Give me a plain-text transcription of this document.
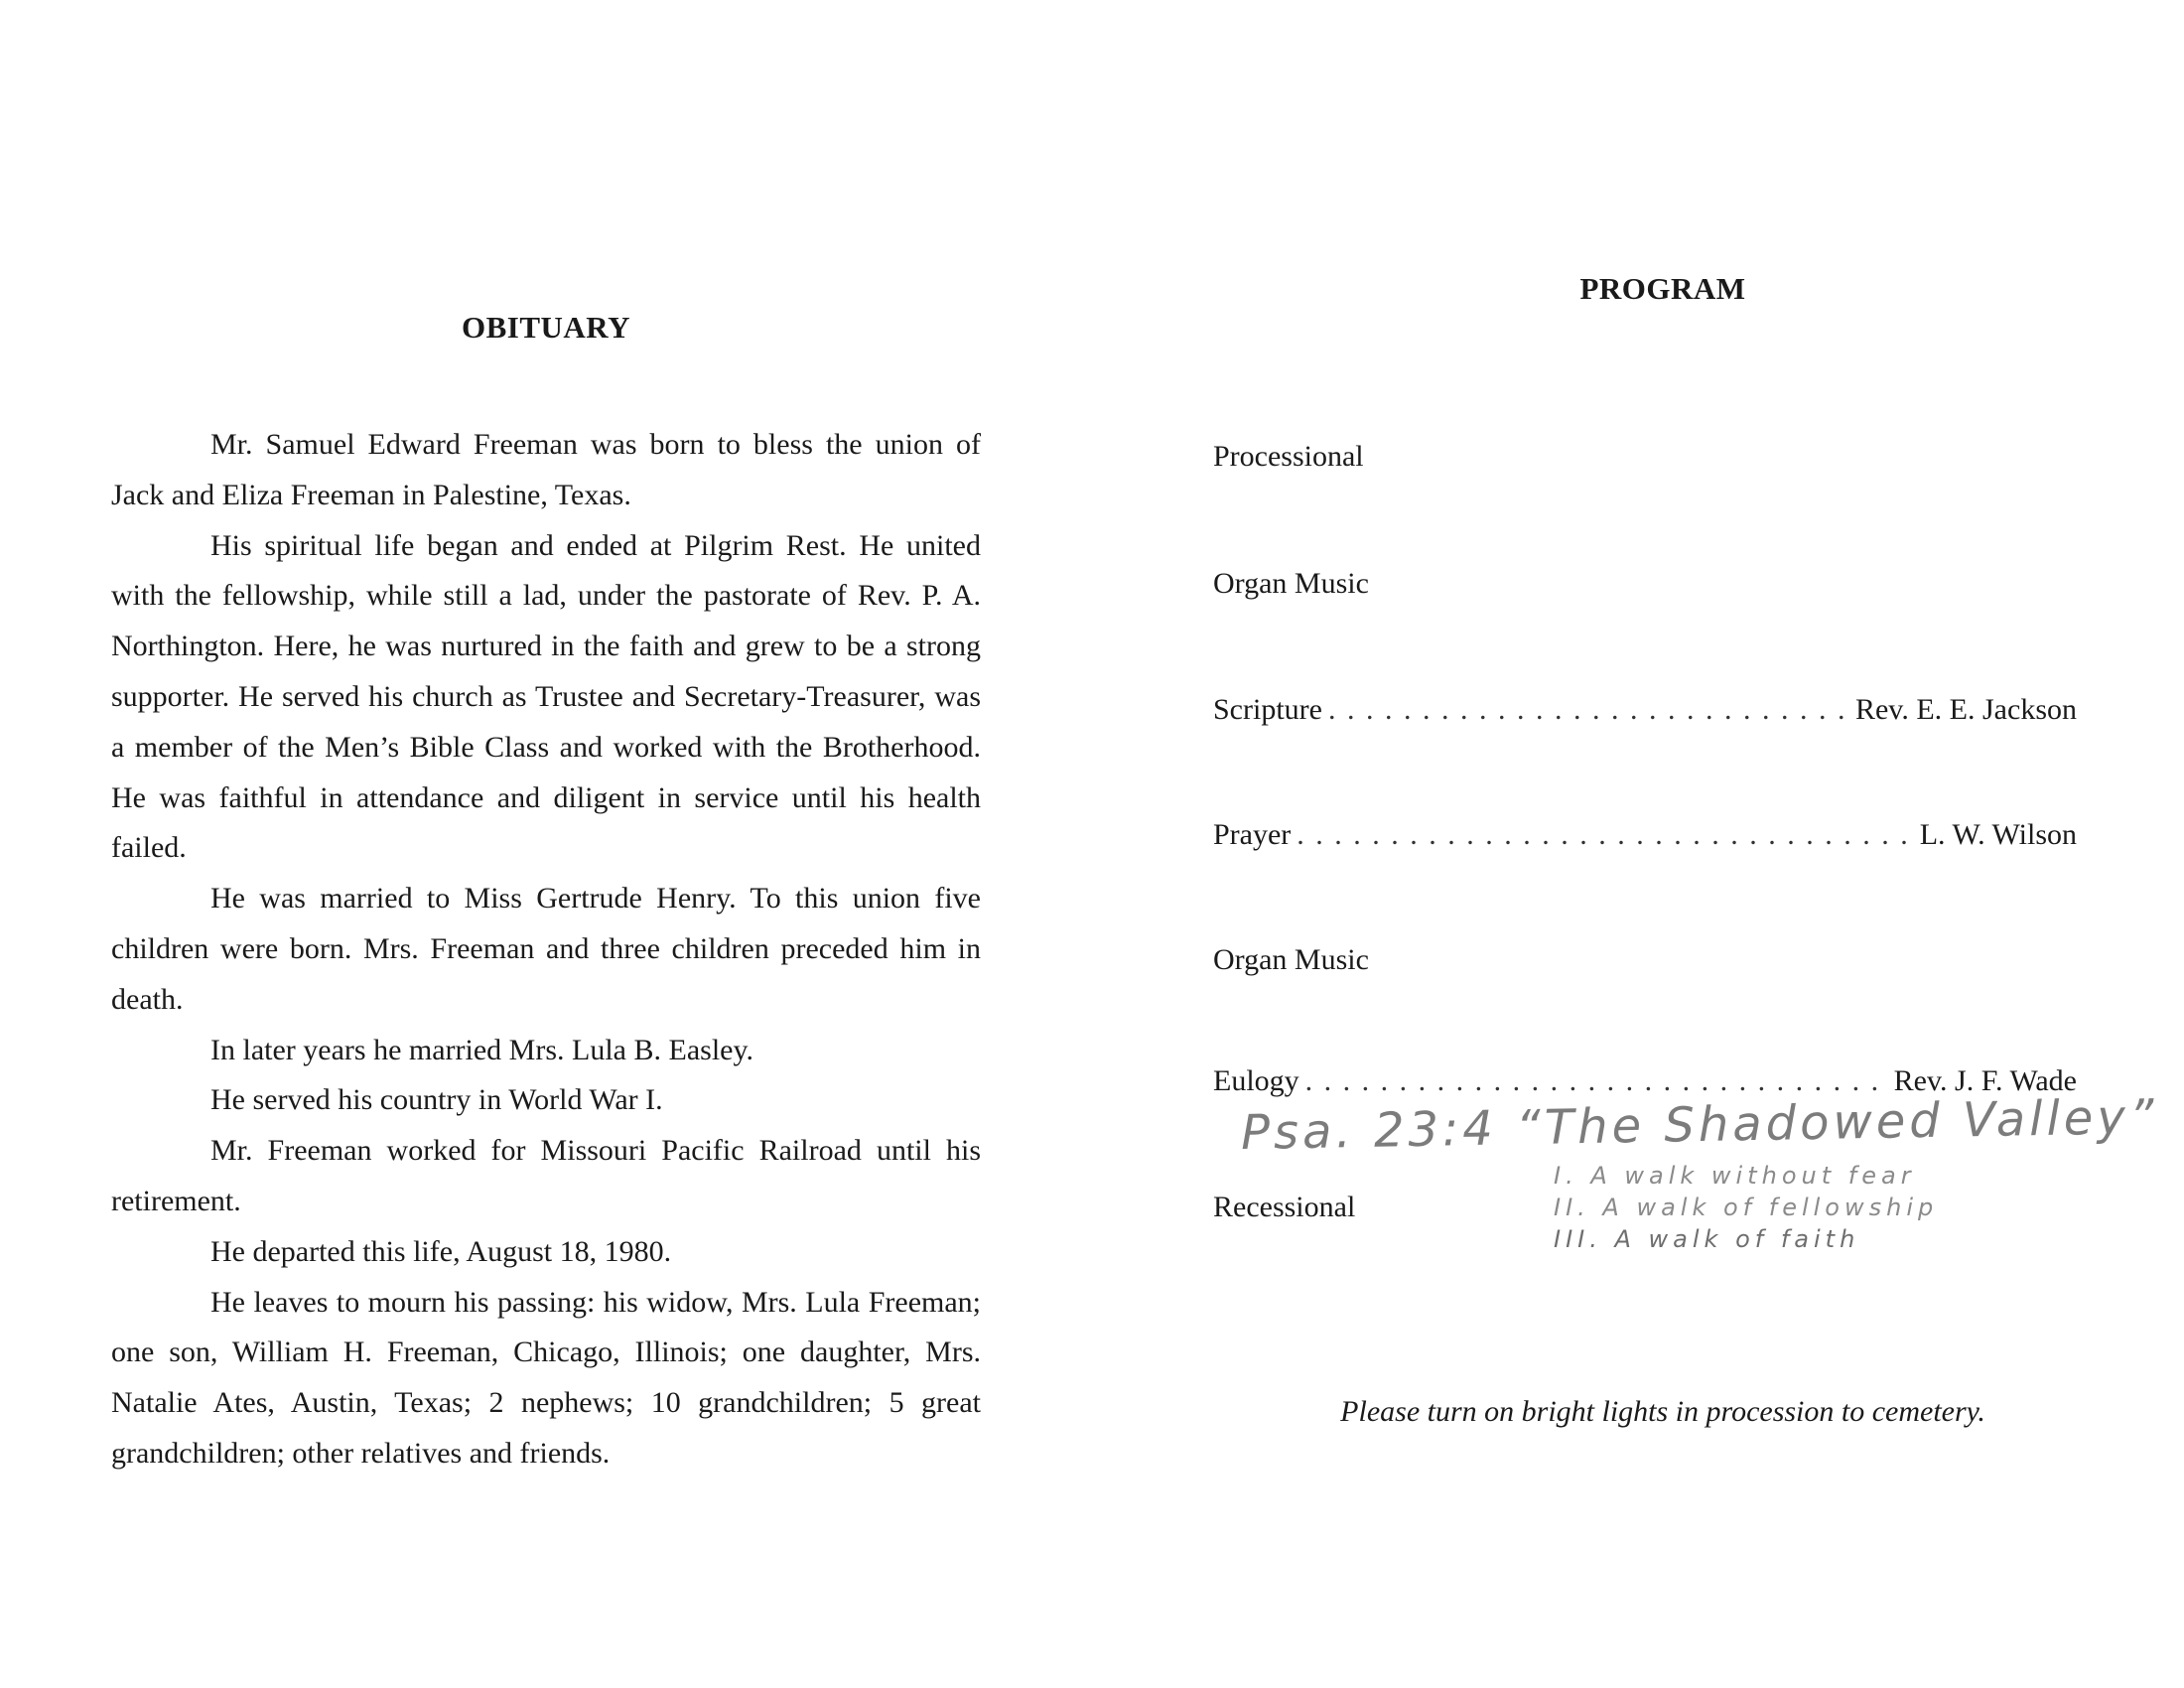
OBITUARY

Mr. Samuel Edward Freeman was born to bless the union of Jack and Eliza Freeman in Palestine, Texas.

His spiritual life began and ended at Pilgrim Rest. He united with the fellowship, while still a lad, under the pastorate of Rev. P. A. Northington. Here, he was nurtured in the faith and grew to be a strong supporter. He served his church as Trustee and Secretary-Treasurer, was a member of the Men’s Bible Class and worked with the Brotherhood. He was faithful in attendance and diligent in service until his health failed.

He was married to Miss Gertrude Henry. To this union five children were born. Mrs. Freeman and three children preceded him in death.

In later years he married Mrs. Lula B. Easley.

He served his country in World War I.

Mr. Freeman worked for Missouri Pacific Railroad until his retirement.

He departed this life, August 18, 1980.

He leaves to mourn his passing: his widow, Mrs. Lula Freeman; one son, William H. Freeman, Chicago, Illinois; one daughter, Mrs. Natalie Ates, Austin, Texas; 2 nephews; 10 grandchildren; 5 great grandchildren; other relatives and friends.

PROGRAM
Processional
Organ Music
Scripture . . .	Rev. E. E. Jackson
Prayer . . .	L. W. Wilson
Organ Music
Eulogy . . .	Rev. J. F. Wade
Psa. 23:4 “The Shadowed Valley”
I. A walk without fear
II. A walk of fellowship
III. A walk of faith
Recessional
Please turn on bright lights in procession to cemetery.
